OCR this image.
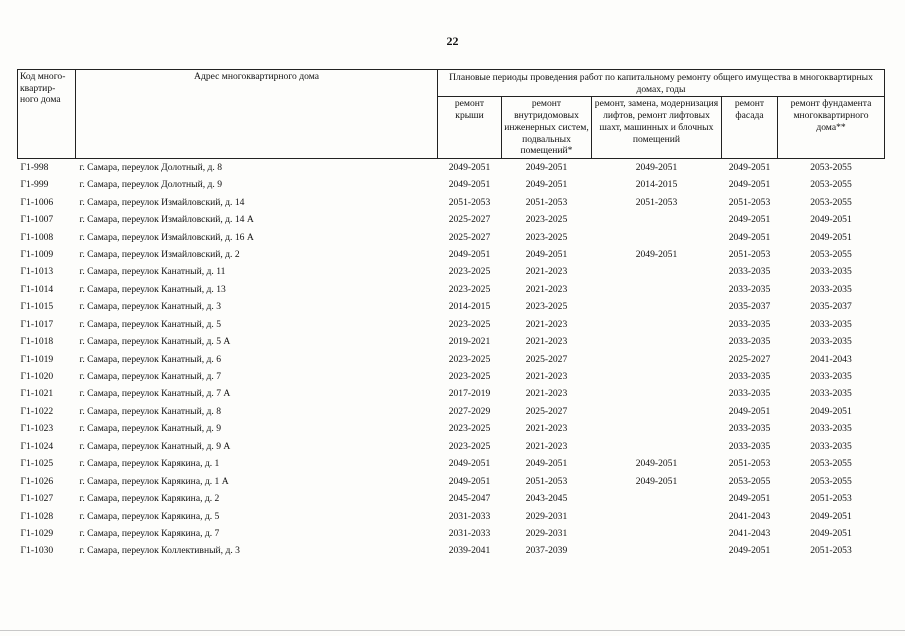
22
Код много-квартир-ного дома	Адрес многоквартирного дома	Плановые периоды проведения работ по капитальному ремонту общего имущества в многоквартирных домах, годы				
		ремонт крыши	ремонт внутридомовых инженерных систем, подвальных помещений*	ремонт, замена, модернизация лифтов, ремонт лифтовых шахт, машинных и блочных помещений	ремонт фасада	ремонт фундамента многоквартирного дома**
Г1-998	г. Самара, переулок Долотный, д. 8	2049-2051	2049-2051	2049-2051	2049-2051	2053-2055
Г1-999	г. Самара, переулок Долотный, д. 9	2049-2051	2049-2051	2014-2015	2049-2051	2053-2055
Г1-1006	г. Самара, переулок Измайловский, д. 14	2051-2053	2051-2053	2051-2053	2051-2053	2053-2055
Г1-1007	г. Самара, переулок Измайловский, д. 14 А	2025-2027	2023-2025		2049-2051	2049-2051
Г1-1008	г. Самара, переулок Измайловский, д. 16 А	2025-2027	2023-2025		2049-2051	2049-2051
Г1-1009	г. Самара, переулок Измайловский, д. 2	2049-2051	2049-2051	2049-2051	2051-2053	2053-2055
Г1-1013	г. Самара, переулок Канатный, д. 11	2023-2025	2021-2023		2033-2035	2033-2035
Г1-1014	г. Самара, переулок Канатный, д. 13	2023-2025	2021-2023		2033-2035	2033-2035
Г1-1015	г. Самара, переулок Канатный, д. 3	2014-2015	2023-2025		2035-2037	2035-2037
Г1-1017	г. Самара, переулок Канатный, д. 5	2023-2025	2021-2023		2033-2035	2033-2035
Г1-1018	г. Самара, переулок Канатный, д. 5 А	2019-2021	2021-2023		2033-2035	2033-2035
Г1-1019	г. Самара, переулок Канатный, д. 6	2023-2025	2025-2027		2025-2027	2041-2043
Г1-1020	г. Самара, переулок Канатный, д. 7	2023-2025	2021-2023		2033-2035	2033-2035
Г1-1021	г. Самара, переулок Канатный, д. 7 А	2017-2019	2021-2023		2033-2035	2033-2035
Г1-1022	г. Самара, переулок Канатный, д. 8	2027-2029	2025-2027		2049-2051	2049-2051
Г1-1023	г. Самара, переулок Канатный, д. 9	2023-2025	2021-2023		2033-2035	2033-2035
Г1-1024	г. Самара, переулок Канатный, д. 9 А	2023-2025	2021-2023		2033-2035	2033-2035
Г1-1025	г. Самара, переулок Карякина, д. 1	2049-2051	2049-2051	2049-2051	2051-2053	2053-2055
Г1-1026	г. Самара, переулок Карякина, д. 1 А	2049-2051	2051-2053	2049-2051	2053-2055	2053-2055
Г1-1027	г. Самара, переулок Карякина, д. 2	2045-2047	2043-2045		2049-2051	2051-2053
Г1-1028	г. Самара, переулок Карякина, д. 5	2031-2033	2029-2031		2041-2043	2049-2051
Г1-1029	г. Самара, переулок Карякина, д. 7	2031-2033	2029-2031		2041-2043	2049-2051
Г1-1030	г. Самара, переулок Коллективный, д. 3	2039-2041	2037-2039		2049-2051	2051-2053
